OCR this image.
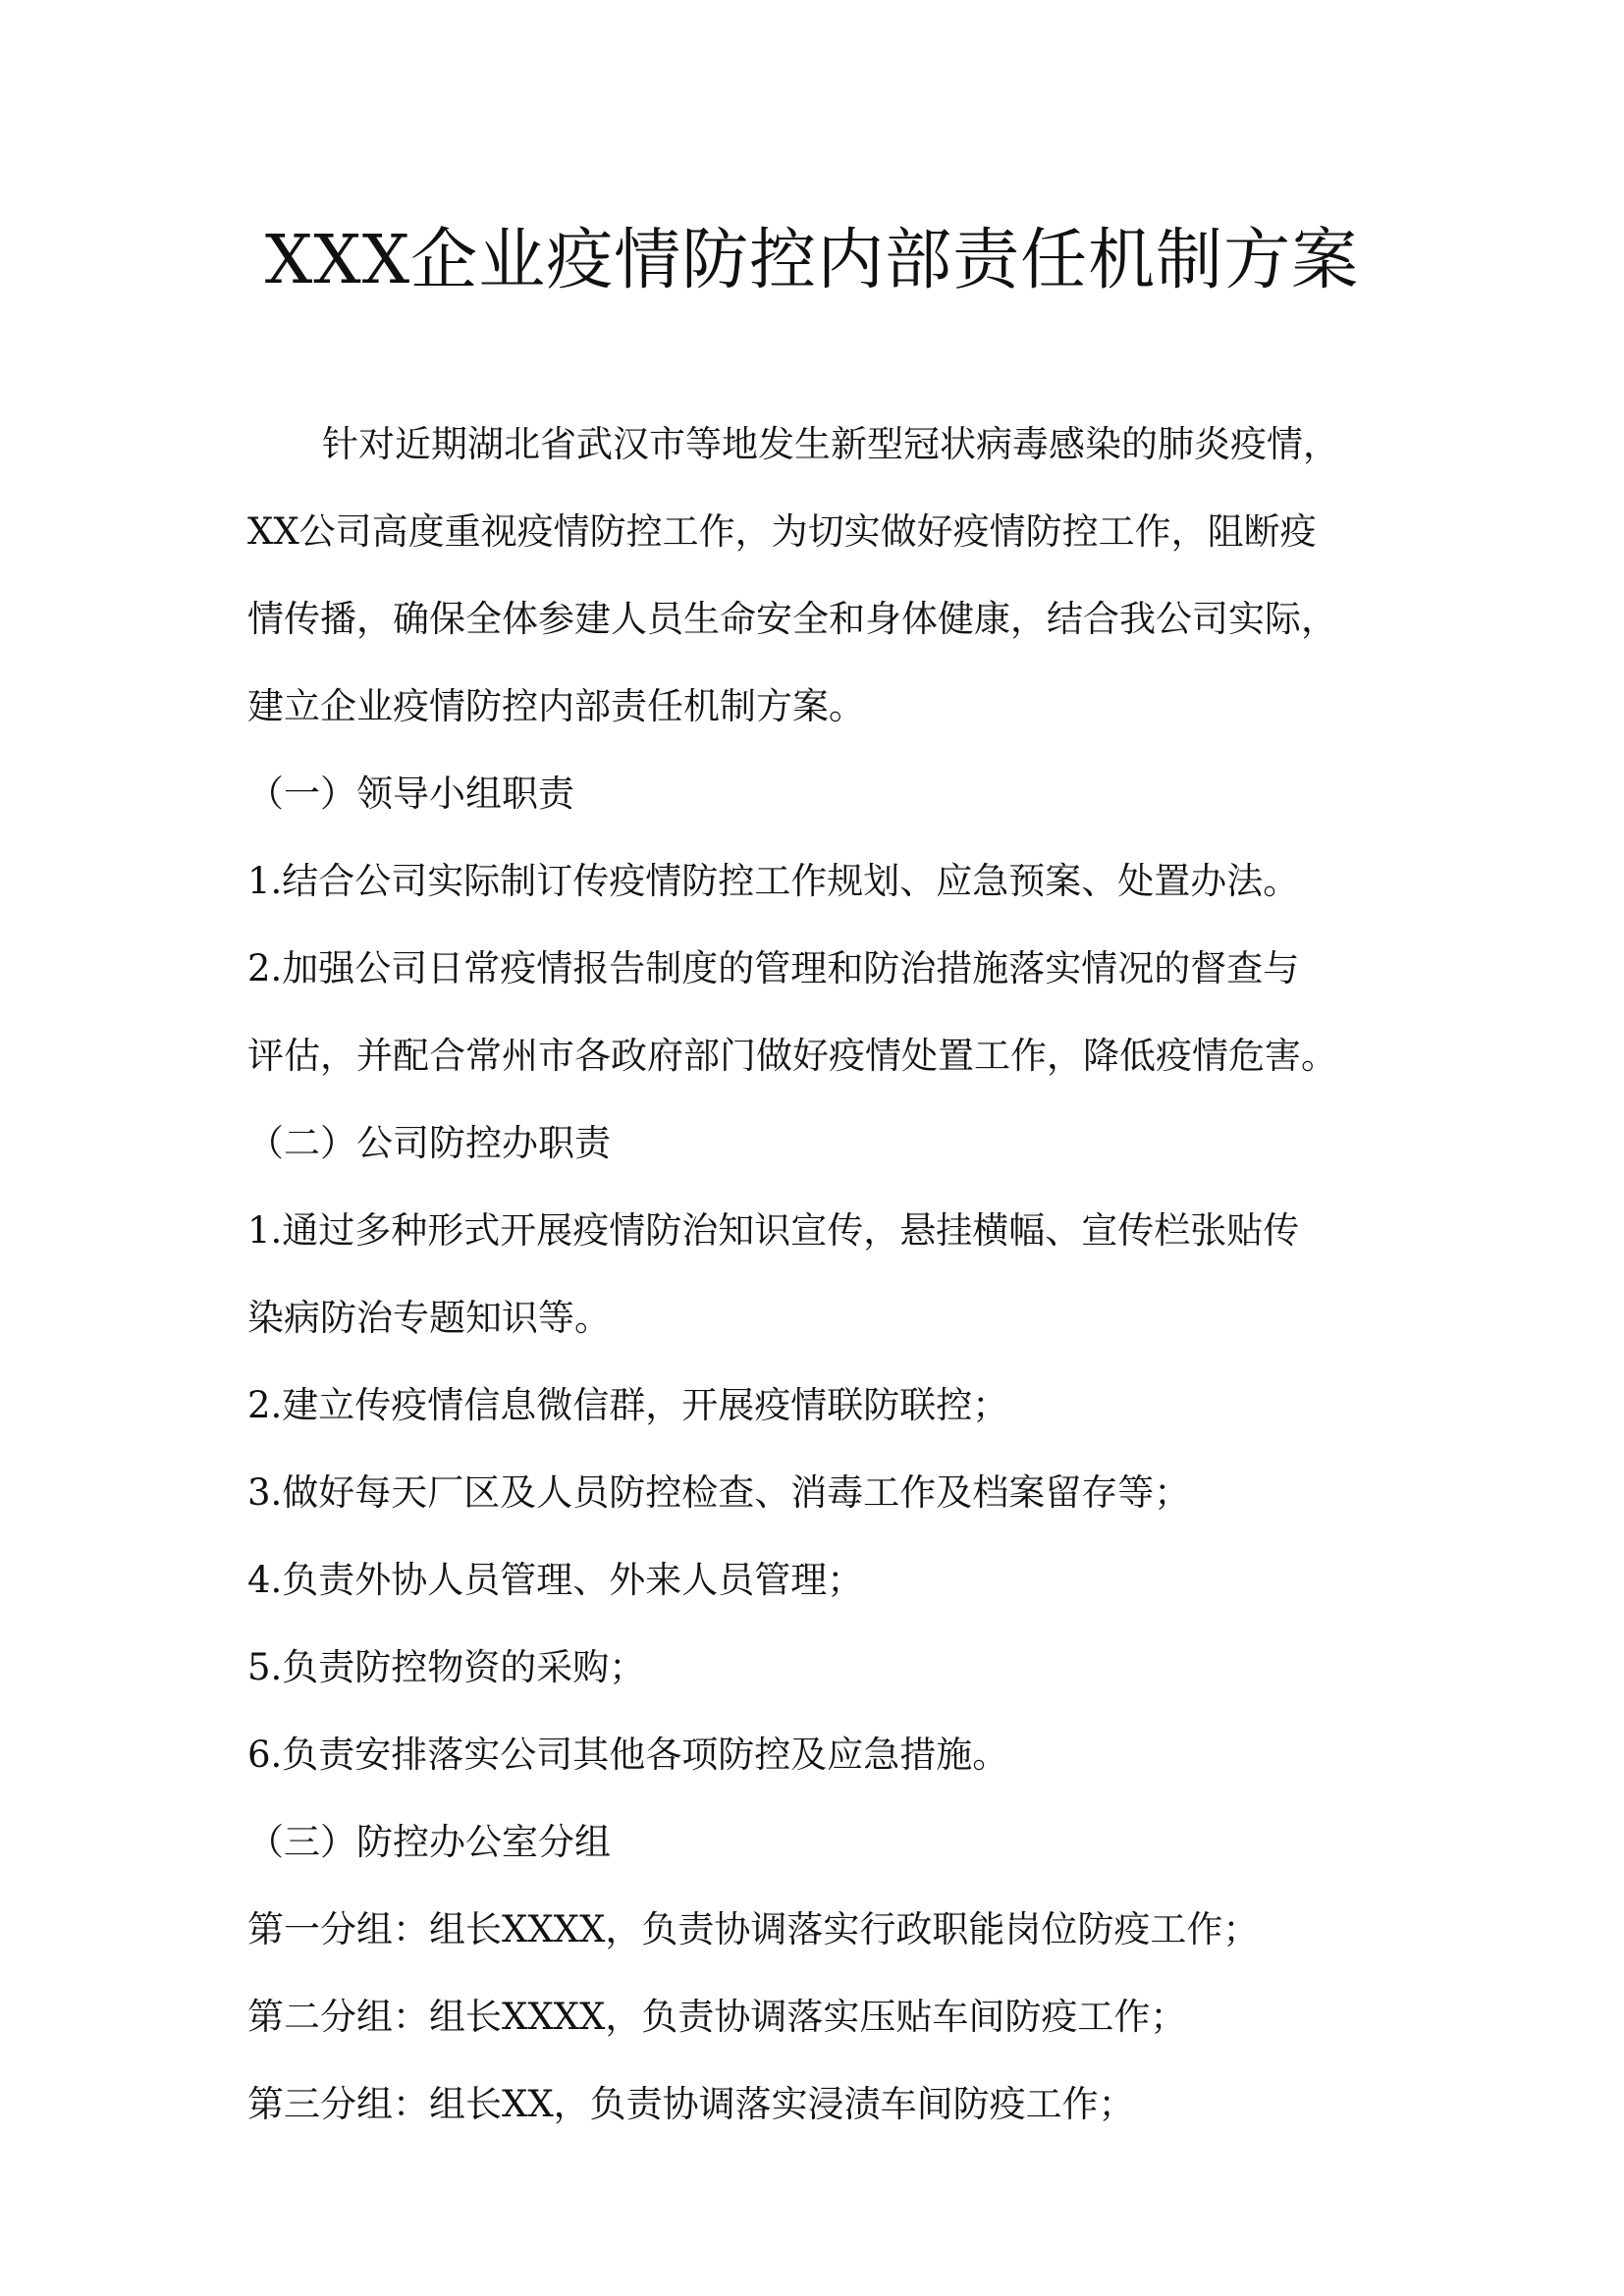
XXX企业疫情防控内部责任机制方案

针对近期湖北省武汉市等地发生新型冠状病毒感染的肺炎疫情，

XX公司高度重视疫情防控工作，为切实做好疫情防控工作，阻断疫

情传播，确保全体参建人员生命安全和身体健康，结合我公司实际，

建立企业疫情防控内部责任机制方案。

（一）领导小组职责

1.结合公司实际制订传疫情防控工作规划、应急预案、处置办法。

2.加强公司日常疫情报告制度的管理和防治措施落实情况的督查与

评估，并配合常州市各政府部门做好疫情处置工作，降低疫情危害。

（二）公司防控办职责

1.通过多种形式开展疫情防治知识宣传，悬挂横幅、宣传栏张贴传

染病防治专题知识等。

2.建立传疫情信息微信群，开展疫情联防联控；

3.做好每天厂区及人员防控检查、消毒工作及档案留存等；

4.负责外协人员管理、外来人员管理；

5.负责防控物资的采购；

6.负责安排落实公司其他各项防控及应急措施。

（三）防控办公室分组

第一分组：组长XXXX，负责协调落实行政职能岗位防疫工作；

第二分组：组长XXXX，负责协调落实压贴车间防疫工作；

第三分组：组长XX，负责协调落实浸渍车间防疫工作；
